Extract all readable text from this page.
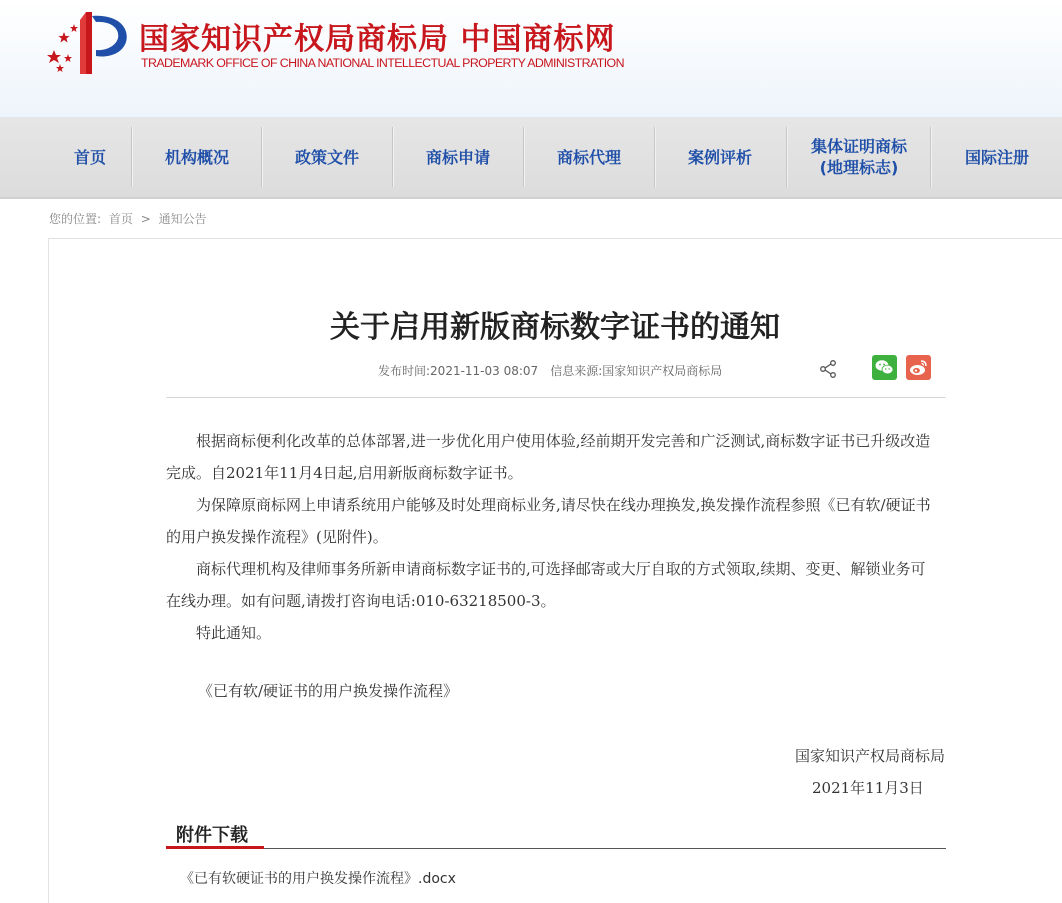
国家知识产权局商标局 中国商标网
TRADEMARK OFFICE OF CHINA NATIONAL INTELLECTUAL PROPERTY ADMINISTRATION
首页	机构概况	政策文件	商标申请	商标代理	案例评析
集体证明商标
(地理标志)
国际注册
您的位置: 首页 > 通知公告
关于启用新版商标数字证书的通知
发布时间:2021-11-03 08:07 信息来源:国家知识产权局商标局

根据商标便利化改革的总体部署,进一步优化用户使用体验,经前期开发完善和广泛测试,商标数字证书已升级改造完成。自2021年11月4日起,启用新版商标数字证书。

为保障原商标网上申请系统用户能够及时处理商标业务,请尽快在线办理换发,换发操作流程参照《已有软/硬证书的用户换发操作流程》(见附件)。

商标代理机构及律师事务所新申请商标数字证书的,可选择邮寄或大厅自取的方式领取,续期、变更、解锁业务可在线办理。如有问题,请拨打咨询电话:010-63218500-3。

特此通知。

《已有软/硬证书的用户换发操作流程》
国家知识产权局商标局
2021年11月3日
附件下载
《已有软硬证书的用户换发操作流程》.docx
